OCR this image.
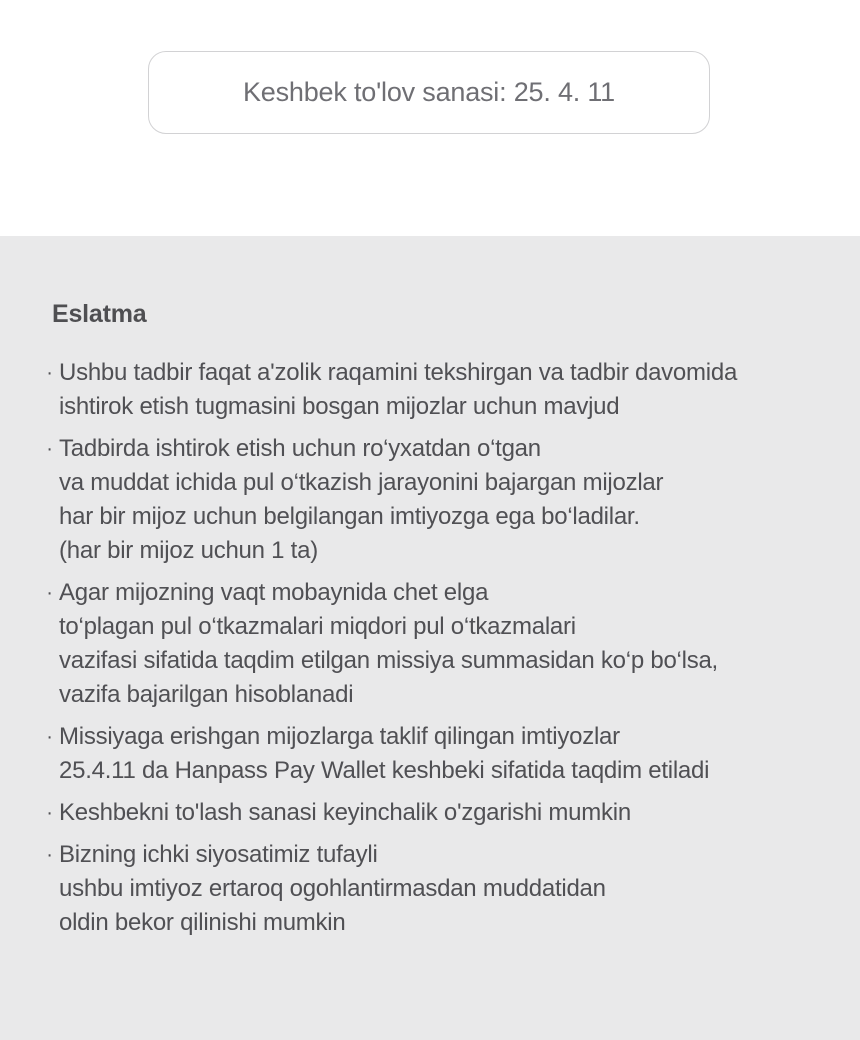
Keshbek to'lov sanasi: 25. 4. 11
Eslatma
· Ushbu tadbir faqat a'zolik raqamini tekshirgan va tadbir davomida
ishtirok etish tugmasini bosgan mijozlar uchun mavjud
· Tadbirda ishtirok etish uchun ro‘yxatdan o‘tgan
va muddat ichida pul o‘tkazish jarayonini bajargan mijozlar
har bir mijoz uchun belgilangan imtiyozga ega bo‘ladilar.
(har bir mijoz uchun 1 ta)
· Agar mijozning vaqt mobaynida chet elga
to‘plagan pul o‘tkazmalari miqdori pul o‘tkazmalari
vazifasi sifatida taqdim etilgan missiya summasidan ko‘p bo‘lsa,
vazifa bajarilgan hisoblanadi
· Missiyaga erishgan mijozlarga taklif qilingan imtiyozlar
25.4.11 da Hanpass Pay Wallet keshbeki sifatida taqdim etiladi
· Keshbekni to'lash sanasi keyinchalik o'zgarishi mumkin
· Bizning ichki siyosatimiz tufayli
ushbu imtiyoz ertaroq ogohlantirmasdan muddatidan
oldin bekor qilinishi mumkin
